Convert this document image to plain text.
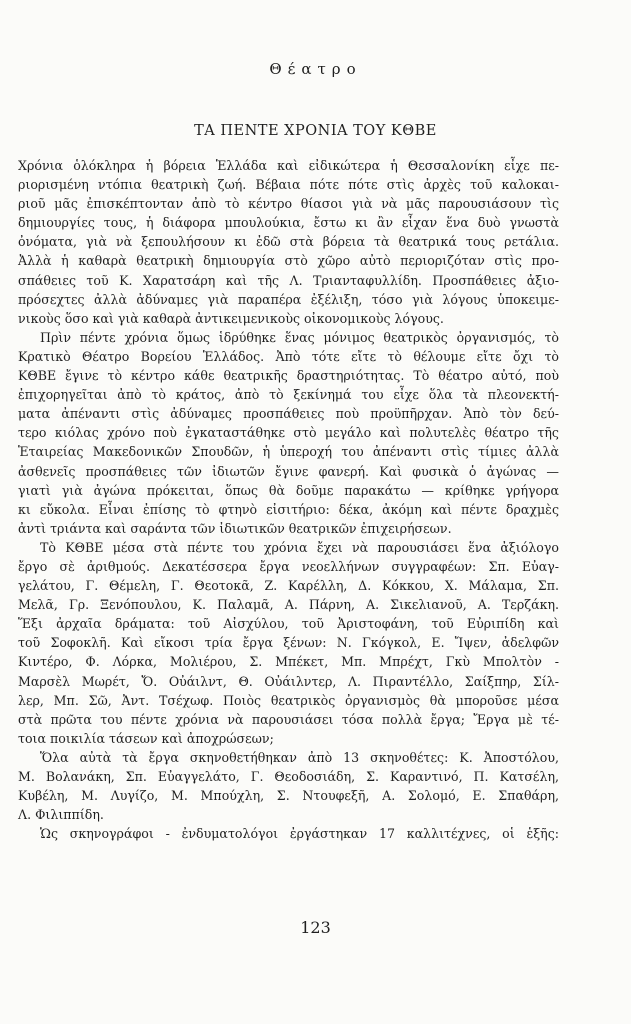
Θέατρο
ΤΑ ΠΕΝΤΕ ΧΡΟΝΙΑ ΤΟΥ ΚΘΒΕ
Χρόνια ὁλόκληρα ἡ βόρεια Ἑλλάδα καὶ εἰδικώτερα ἡ Θεσσαλονίκη εἶχε πε-
ριορισμένη ντόπια θεατρικὴ ζωή. Βέβαια πότε πότε στὶς ἀρχὲς τοῦ καλοκαι-
ριοῦ μᾶς ἐπισκέπτονταν ἀπὸ τὸ κέντρο θίασοι γιὰ νὰ μᾶς παρουσιάσουν τὶς
δημιουργίες τους, ἡ διάφορα μπουλούκια, ἔστω κι ἂν εἶχαν ἕνα δυὸ γνωστὰ
ὀνόματα, γιὰ νὰ ξεπουλήσουν κι ἐδῶ στὰ βόρεια τὰ θεατρικά τους ρετάλια.
Ἀλλὰ ἡ καθαρὰ θεατρικὴ δημιουργία στὸ χῶρο αὐτὸ περιοριζόταν στὶς προ-
σπάθειες τοῦ Κ. Χαρατσάρη καὶ τῆς Λ. Τριανταφυλλίδη. Προσπάθειες ἀξιο-
πρόσεχτες ἀλλὰ ἀδύναμες γιὰ παραπέρα ἐξέλιξη, τόσο γιὰ λόγους ὑποκειμε-
νικοὺς ὅσο καὶ γιὰ καθαρὰ ἀντικειμενικοὺς οἰκονομικοὺς λόγους.
Πρὶν πέντε χρόνια ὅμως ἱδρύθηκε ἕνας μόνιμος θεατρικὸς ὀργανισμός, τὸ
Κρατικὸ Θέατρο Βορείου Ἑλλάδος. Ἀπὸ τότε εἴτε τὸ θέλουμε εἴτε ὄχι τὸ
ΚΘΒΕ ἔγινε τὸ κέντρο κάθε θεατρικῆς δραστηριότητας. Τὸ θέατρο αὐτό, ποὺ
ἐπιχορηγεῖται ἀπὸ τὸ κράτος, ἀπὸ τὸ ξεκίνημά του εἶχε ὅλα τὰ πλεονεκτή-
ματα ἀπέναντι στὶς ἀδύναμες προσπάθειες ποὺ προϋπῆρχαν. Ἀπὸ τὸν δεύ-
τερο κιόλας χρόνο ποὺ ἐγκαταστάθηκε στὸ μεγάλο καὶ πολυτελὲς θέατρο τῆς
Ἑταιρείας Μακεδονικῶν Σπουδῶν, ἡ ὑπεροχή του ἀπέναντι στὶς τίμιες ἀλλὰ
ἀσθενεῖς προσπάθειες τῶν ἰδιωτῶν ἔγινε φανερή. Καὶ φυσικὰ ὁ ἀγώνας —
γιατὶ γιὰ ἀγώνα πρόκειται, ὅπως θὰ δοῦμε παρακάτω — κρίθηκε γρήγορα
κι εὔκολα. Εἶναι ἐπίσης τὸ φτηνὸ εἰσιτήριο: δέκα, ἀκόμη καὶ πέντε δραχμὲς
ἀντὶ τριάντα καὶ σαράντα τῶν ἰδιωτικῶν θεατρικῶν ἐπιχειρήσεων.
Τὸ ΚΘΒΕ μέσα στὰ πέντε του χρόνια ἔχει νὰ παρουσιάσει ἕνα ἀξιόλογο
ἔργο σὲ ἀριθμούς. Δεκατέσσερα ἔργα νεοελλήνων συγγραφέων: Σπ. Εὐαγ-
γελάτου, Γ. Θέμελη, Γ. Θεοτοκᾶ, Ζ. Καρέλλη, Δ. Κόκκου, Χ. Μάλαμα, Σπ.
Μελᾶ, Γρ. Ξενόπουλου, Κ. Παλαμᾶ, Α. Πάρνη, Α. Σικελιανοῦ, Α. Τερζάκη.
Ἕξι ἀρχαῖα δράματα: τοῦ Αἰσχύλου, τοῦ Ἀριστοφάνη, τοῦ Εὐριπίδη καὶ
τοῦ Σοφοκλῆ. Καὶ εἴκοσι τρία ἔργα ξένων: Ν. Γκόγκολ, Ε. Ἴψεν, ἀδελφῶν
Κιντέρο, Φ. Λόρκα, Μολιέρου, Σ. Μπέκετ, Μπ. Μπρέχτ, Γκὺ Μπολτὸν -
Μαρσὲλ Μωρέτ, Ὄ. Οὐάιλντ, Θ. Οὐάιλντερ, Λ. Πιραντέλλο, Σαίξπηρ, Σίλ-
λερ, Μπ. Σῶ, Ἀντ. Τσέχωφ. Ποιὸς θεατρικὸς ὀργανισμὸς θὰ μποροῦσε μέσα
στὰ πρῶτα του πέντε χρόνια νὰ παρουσιάσει τόσα πολλὰ ἔργα; Ἔργα μὲ τέ-
τοια ποικιλία τάσεων καὶ ἀποχρώσεων;
Ὅλα αὐτὰ τὰ ἔργα σκηνοθετήθηκαν ἀπὸ 13 σκηνοθέτες: Κ. Ἀποστόλου,
Μ. Βολανάκη, Σπ. Εὐαγγελάτο, Γ. Θεοδοσιάδη, Σ. Καραντινό, Π. Κατσέλη,
Κυβέλη, Μ. Λυγίζο, Μ. Μπούχλη, Σ. Ντουφεξῆ, Α. Σολομό, Ε. Σπαθάρη,
Λ. Φιλιππίδη.
Ὡς σκηνογράφοι - ἐνδυματολόγοι ἐργάστηκαν 17 καλλιτέχνες, οἱ ἑξῆς:
123
